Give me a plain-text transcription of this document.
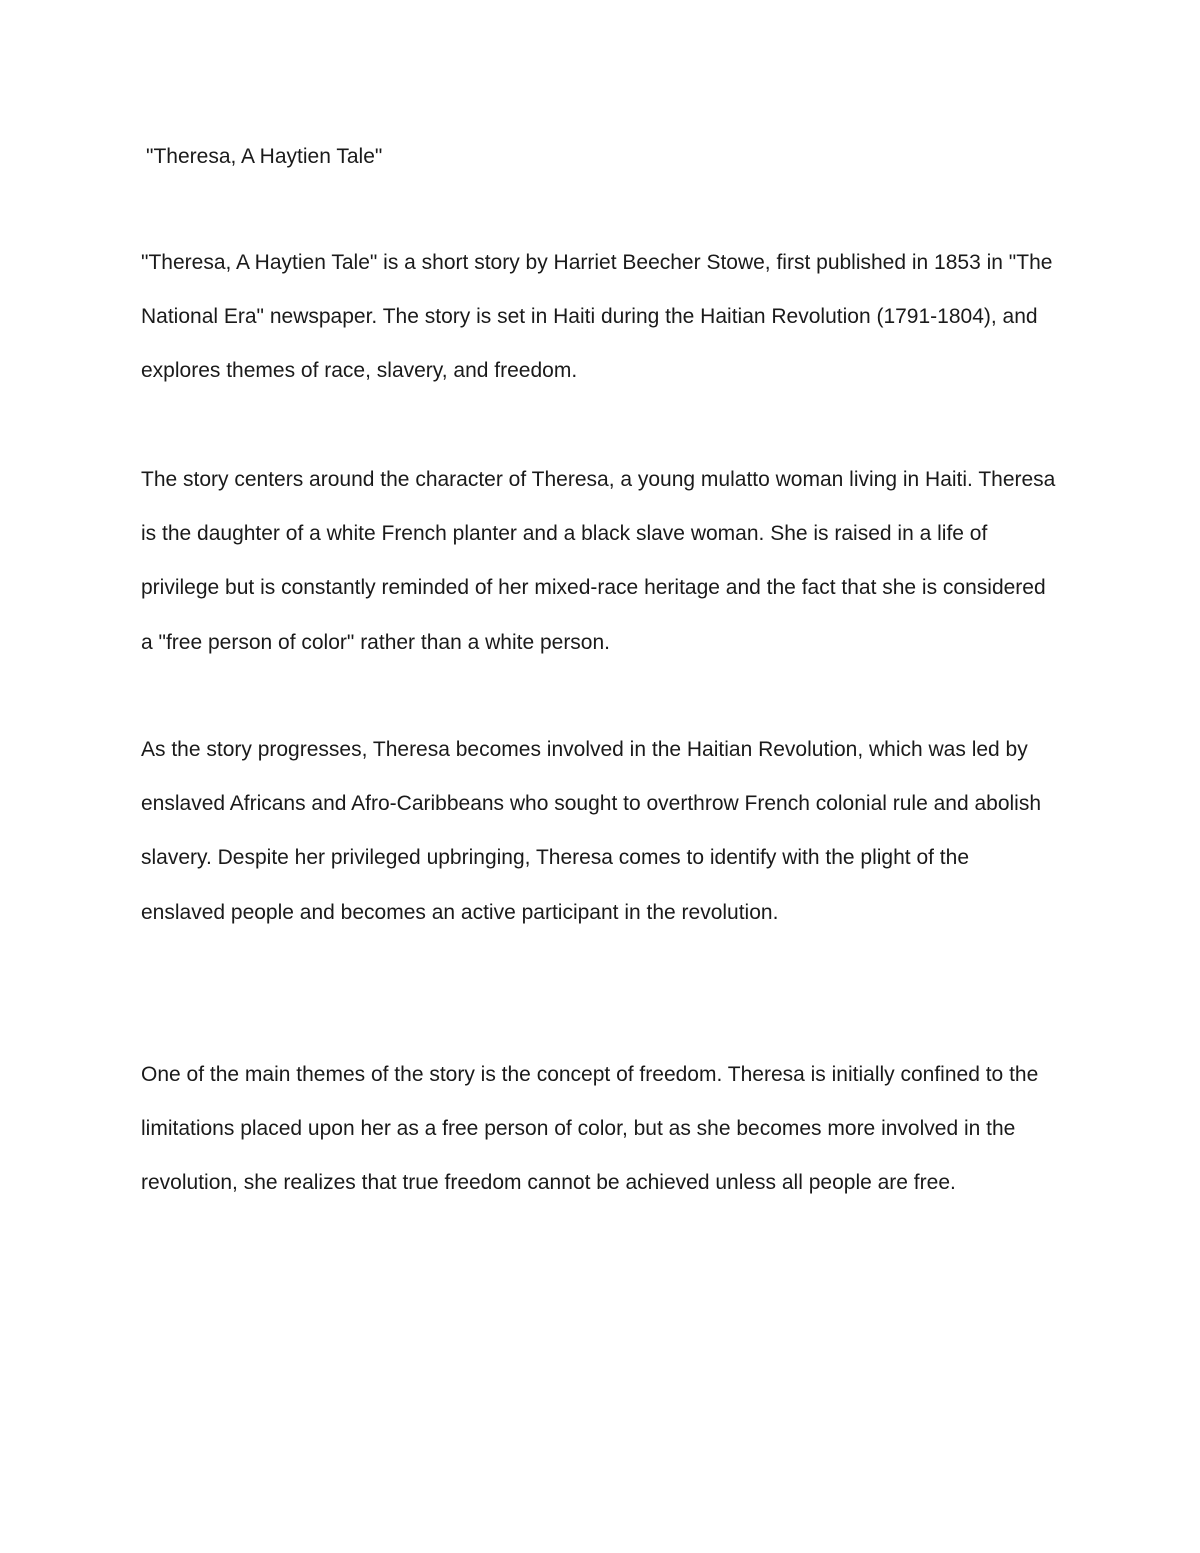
"Theresa, A Haytien Tale"

"Theresa, A Haytien Tale" is a short story by Harriet Beecher Stowe, first published in 1853 in "The National Era" newspaper. The story is set in Haiti during the Haitian Revolution (1791-1804), and explores themes of race, slavery, and freedom.

The story centers around the character of Theresa, a young mulatto woman living in Haiti. Theresa is the daughter of a white French planter and a black slave woman. She is raised in a life of privilege but is constantly reminded of her mixed-race heritage and the fact that she is considered a "free person of color" rather than a white person.

As the story progresses, Theresa becomes involved in the Haitian Revolution, which was led by enslaved Africans and Afro-Caribbeans who sought to overthrow French colonial rule and abolish slavery. Despite her privileged upbringing, Theresa comes to identify with the plight of the enslaved people and becomes an active participant in the revolution.

One of the main themes of the story is the concept of freedom. Theresa is initially confined to the limitations placed upon her as a free person of color, but as she becomes more involved in the revolution, she realizes that true freedom cannot be achieved unless all people are free.
